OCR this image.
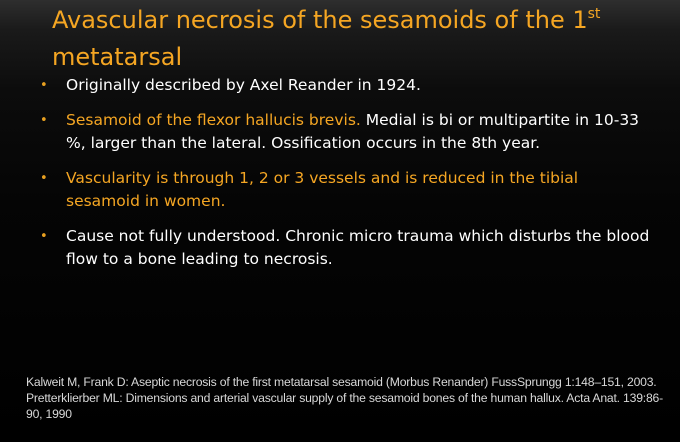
Avascular necrosis of the sesamoids of the 1st
metatarsal
• Originally described by Axel Reander in 1924.
• Sesamoid of the flexor hallucis brevis. Medial is bi or multipartite in 10-33 %, larger than the lateral. Ossification occurs in the 8th year.
• Vascularity is through 1, 2 or 3 vessels and is reduced in the tibial sesamoid in women.
• Cause not fully understood. Chronic micro trauma which disturbs the blood flow to a bone leading to necrosis.
Kalweit M, Frank D: Aseptic necrosis of the first metatarsal sesamoid (Morbus Renander) FussSprungg 1:148–151, 2003.
Pretterklierber ML: Dimensions and arterial vascular supply of the sesamoid bones of the human hallux. Acta Anat. 139:86-90, 1990
